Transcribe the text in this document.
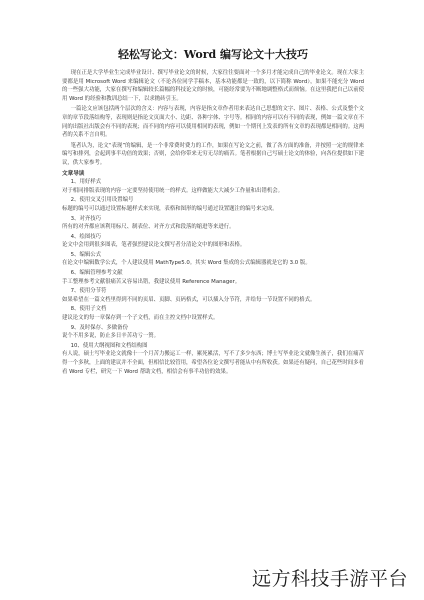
轻松写论文：Word 编写论文十大技巧

现在正是大学毕业生完成毕业设计、撰写毕业论文的时候，大家往往要面对一个多月才能完成自己的毕业论文。现在大家主要都是用 Microsoft Word 来编辑论文（不论各位同学手稿本，基本功能都是一致的，以下简称 Word），如果不能充分 Word 的一些强大功能，大家在撰写和编辑较长篇幅的科技论文的时候，可能经常要为不断地调整格式而烦恼。在这里我把自己以前使用 Word 的经验和教训总结一下，以求抛砖引玉。

一篇论文应该包括两个层次的含义：内容与表现，内容是指文章作者用来表达自己思想的文字、图片、表格、公式及整个文章的章节段落结构等，表现则是指论文页面大小、边距、各种字体、字号等。相同的内容可以有不同的表现，例如一篇文章在不同的出版社出版会有不同的表现；而不同的内容可以使用相同的表现，例如一个期刊上发表的所有文章的表现都是相同的。这两者的关系不言自明。

笔者认为，论文“表现”的编辑，是一个非常费时费力的工作，如果在写论文之前，做了各方面的准备，并按照一定的规律来编写和排列，会起到事半功倍的效果；否则，会给你带来无穷无尽的痛苦。笔者根据自己写硕士论文的体验，向各位提供如下建议，供大家参考。

文章导读

1、用好样式

对于相同排版表现的内容一定要坚持使用统一的样式。这样做能大大减少工作量和出错机会。

2、使用交叉引用设置编号

标题的编号可以通过设置标题样式来实现，表格和图形的编号通过设置题注的编号来完成。

3、对齐技巧

所有的对齐都应该利用标尺、制表位、对齐方式和段落的缩进等来进行。

4、绘图技巧

论文中会用到很多图表，笔者强烈建议论文撰写者分清论文中的图形和表格。

5、编辑公式

在论文中编辑数学公式，个人建议使用 MathType5.0。其实 Word 集成的公式编辑器就是它的 3.0 版。

6、编辑管理参考文献

手工整理参考文献很痛苦又容易出错，我建议使用 Reference Manager。

7、使用分节符

如果希望在一篇文档里得到不同的页眉、页脚、页码格式，可以插入分节符，并给每一节设置不同的格式。

8、使用子文档

建议论文的每一章保存到一个子文档，而在主控文档中设置样式。

9、及时保存、多做备份

说个不用多说，防止多日辛苦功亏一篑。

10、使用大纲视图和文档结构图

有人说，硕士写毕业论文就像十一个月苦力搬运工一样，累死累活，写不了多少东西；博士写毕业论文就像生孩子，我们在痛苦得一个多秋，上面的建议并不全面，但相信比较管用，希望各位论文撰写者能从中有所收获。如果还有疑问，自己花些时间多看看 Word 专栏，研究一下 Word 帮助文档，相信会有事半功倍的效果。

远方科技手游平台
